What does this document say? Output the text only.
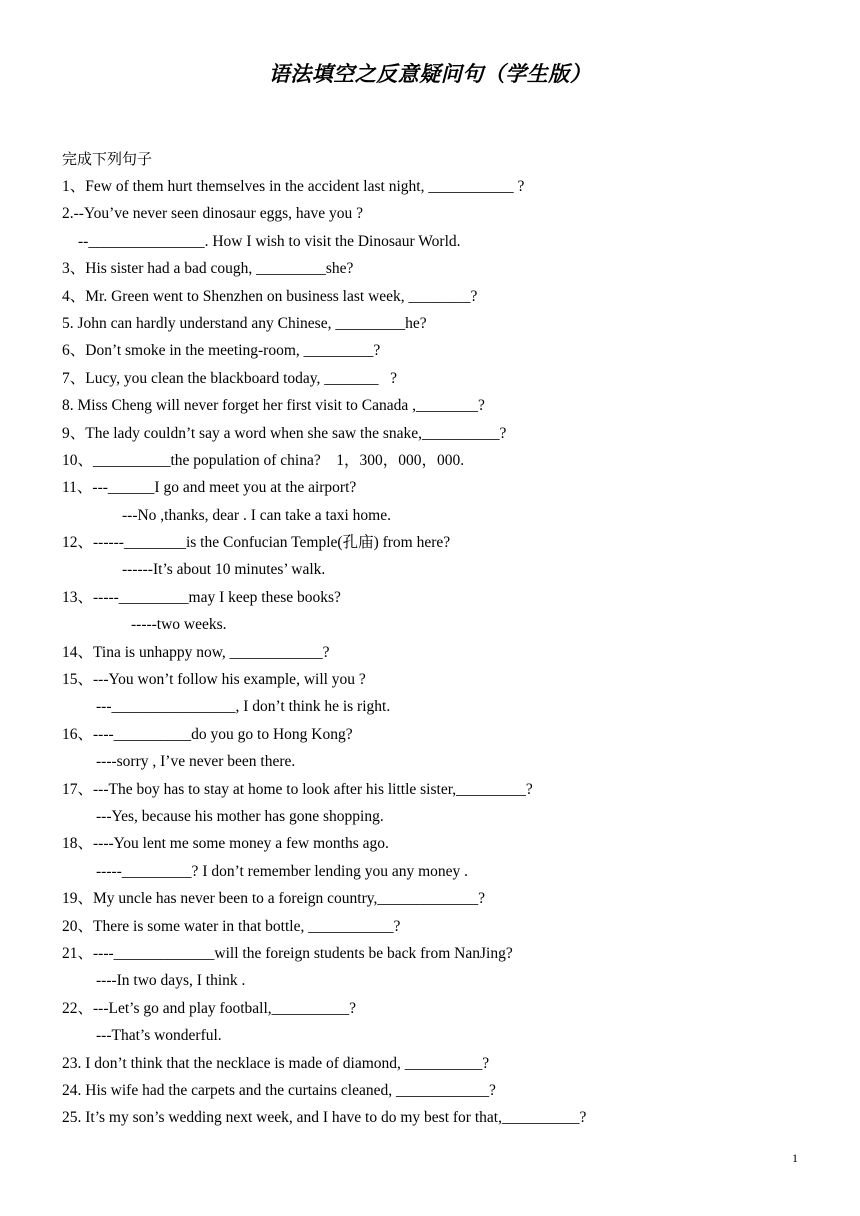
语法填空之反意疑问句（学生版）
完成下列句子
1、Few of them hurt themselves in the accident last night, ___________ ?
2.--You’ve never seen dinosaur eggs, have you ?
--_______________. How I wish to visit the Dinosaur World.
3、His sister had a bad cough, _________she?
4、Mr. Green went to Shenzhen on business last week, ________?
5. John can hardly understand any Chinese, _________he?
6、Don’t smoke in the meeting-room, _________?
7、Lucy, you clean the blackboard today, _______   ?
8. Miss Cheng will never forget her first visit to Canada ,________?
9、The lady couldn’t say a word when she saw the snake,__________?
10、__________the population of china?    1，300，000，000.
11、---______I go and meet you at the airport?
---No ,thanks, dear . I can take a taxi home.
12、------________is the Confucian Temple(孔庙) from here?
------It’s about 10 minutes’ walk.
13、-----_________may I keep these books?
-----two weeks.
14、Tina is unhappy now, ____________?
15、---You won’t follow his example, will you ?
---________________, I don’t think he is right.
16、----__________do you go to Hong Kong?
----sorry , I’ve never been there.
17、---The boy has to stay at home to look after his little sister,_________?
---Yes, because his mother has gone shopping.
18、----You lent me some money a few months ago.
-----_________? I don’t remember lending you any money .
19、My uncle has never been to a foreign country,_____________?
20、There is some water in that bottle, ___________?
21、----_____________will the foreign students be back from NanJing?
----In two days, I think .
22、---Let’s go and play football,__________?
---That’s wonderful.
23. I don’t think that the necklace is made of diamond, __________?
24. His wife had the carpets and the curtains cleaned, ____________?
25. It’s my son’s wedding next week, and I have to do my best for that,__________?
1
